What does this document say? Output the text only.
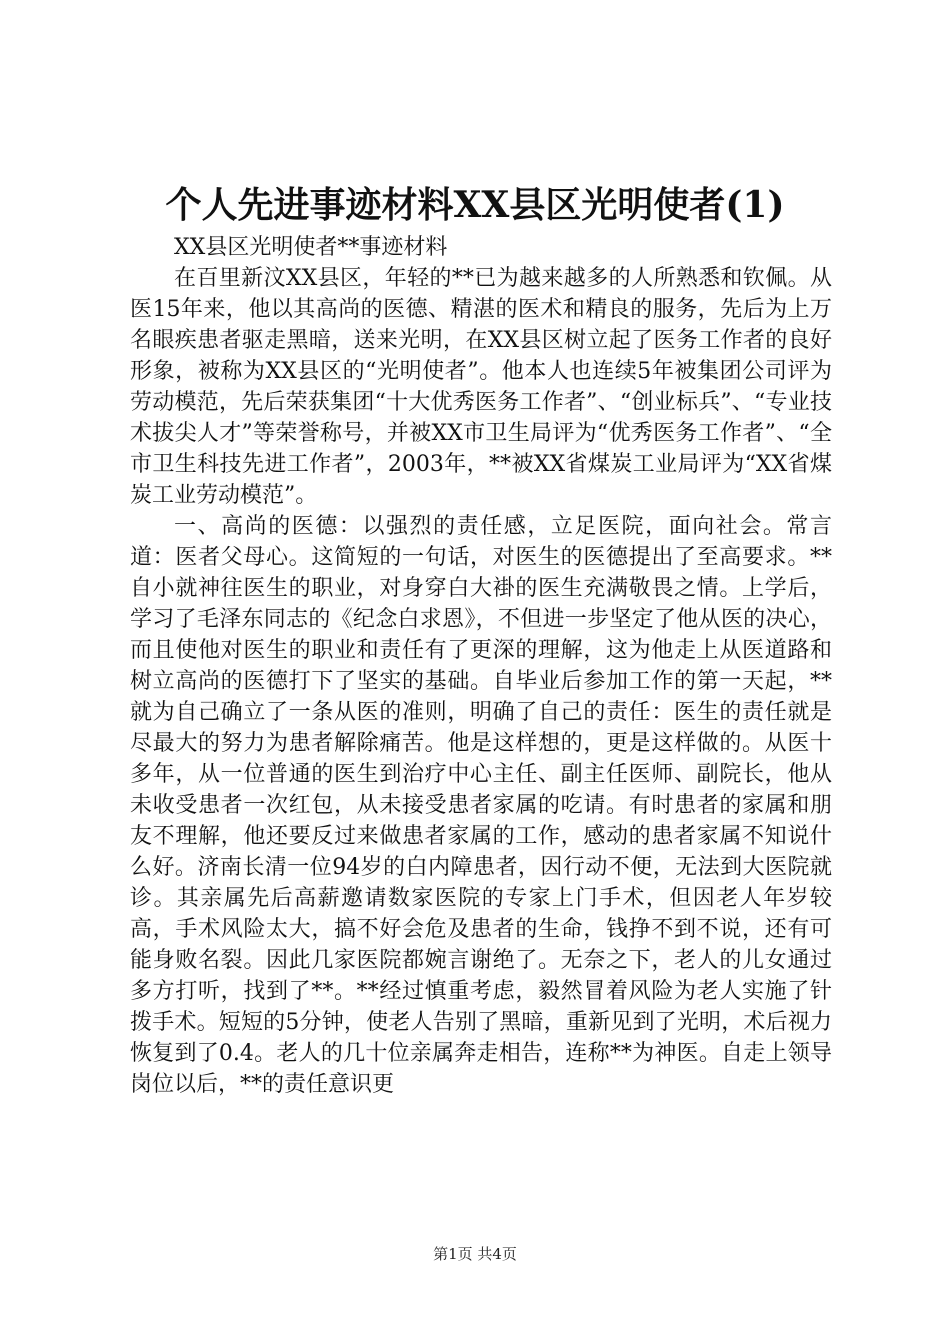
个人先进事迹材料XX县区光明使者(1)

XX县区光明使者**事迹材料

在百里新汶XX县区，年轻的**已为越来越多的人所熟悉和钦佩。从医15年来，他以其高尚的医德、精湛的医术和精良的服务，先后为上万名眼疾患者驱走黑暗，送来光明，在XX县区树立起了医务工作者的良好形象，被称为XX县区的“光明使者”。他本人也连续5年被集团公司评为劳动模范，先后荣获集团“十大优秀医务工作者”、“创业标兵”、“专业技术拔尖人才”等荣誉称号，并被XX市卫生局评为“优秀医务工作者”、“全市卫生科技先进工作者”，2003年，**被XX省煤炭工业局评为“XX省煤炭工业劳动模范”。

一、高尚的医德：以强烈的责任感，立足医院，面向社会。常言道：医者父母心。这简短的一句话，对医生的医德提出了至高要求。**自小就神往医生的职业，对身穿白大褂的医生充满敬畏之情。上学后，学习了毛泽东同志的《纪念白求恩》，不但进一步坚定了他从医的决心，而且使他对医生的职业和责任有了更深的理解，这为他走上从医道路和树立高尚的医德打下了坚实的基础。自毕业后参加工作的第一天起，**就为自己确立了一条从医的准则，明确了自己的责任：医生的责任就是尽最大的努力为患者解除痛苦。他是这样想的，更是这样做的。从医十多年，从一位普通的医生到治疗中心主任、副主任医师、副院长，他从未收受患者一次红包，从未接受患者家属的吃请。有时患者的家属和朋友不理解，他还要反过来做患者家属的工作，感动的患者家属不知说什么好。济南长清一位94岁的白内障患者，因行动不便，无法到大医院就诊。其亲属先后高薪邀请数家医院的专家上门手术，但因老人年岁较高，手术风险太大，搞不好会危及患者的生命，钱挣不到不说，还有可能身败名裂。因此几家医院都婉言谢绝了。无奈之下，老人的儿女通过多方打听，找到了**。**经过慎重考虑，毅然冒着风险为老人实施了针拨手术。短短的5分钟，使老人告别了黑暗，重新见到了光明，术后视力恢复到了0.4。老人的几十位亲属奔走相告，连称**为神医。自走上领导岗位以后，**的责任意识更

第1页 共4页
